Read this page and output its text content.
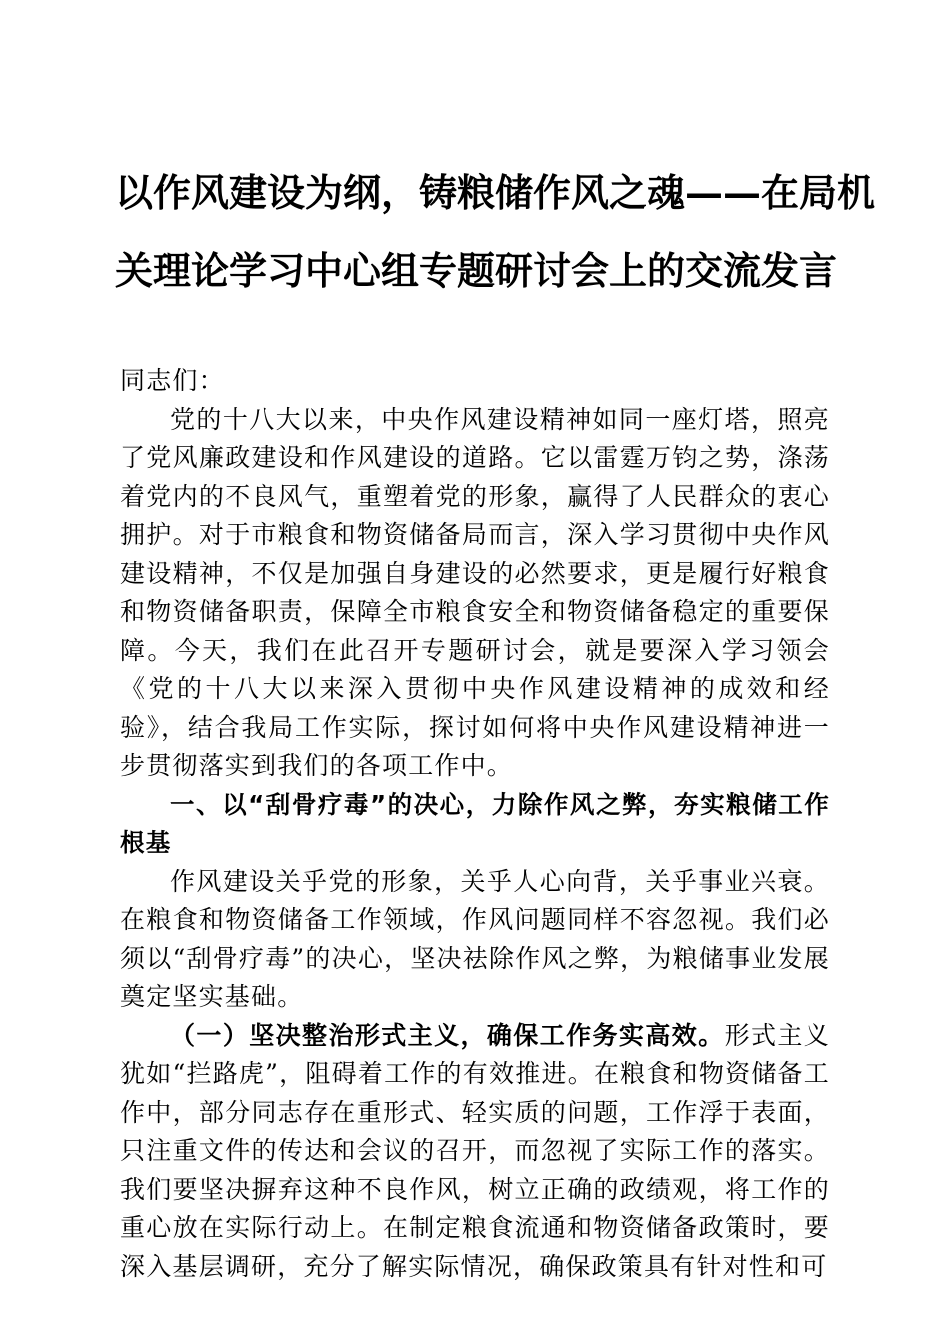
以作风建设为纲，铸粮储作风之魂——在局机
关理论学习中心组专题研讨会上的交流发言

同志们：

党的十八大以来，中央作风建设精神如同一座灯塔，照亮了党风廉政建设和作风建设的道路。它以雷霆万钧之势，涤荡着党内的不良风气，重塑着党的形象，赢得了人民群众的衷心拥护。对于市粮食和物资储备局而言，深入学习贯彻中央作风建设精神，不仅是加强自身建设的必然要求，更是履行好粮食和物资储备职责，保障全市粮食安全和物资储备稳定的重要保障。今天，我们在此召开专题研讨会，就是要深入学习领会《党的十八大以来深入贯彻中央作风建设精神的成效和经验》，结合我局工作实际，探讨如何将中央作风建设精神进一步贯彻落实到我们的各项工作中。

一、以“刮骨疗毒”的决心，力除作风之弊，夯实粮储工作根基

作风建设关乎党的形象，关乎人心向背，关乎事业兴衰。在粮食和物资储备工作领域，作风问题同样不容忽视。我们必须以“刮骨疗毒”的决心，坚决祛除作风之弊，为粮储事业发展奠定坚实基础。

（一）坚决整治形式主义，确保工作务实高效。形式主义犹如“拦路虎”，阻碍着工作的有效推进。在粮食和物资储备工作中，部分同志存在重形式、轻实质的问题，工作浮于表面，只注重文件的传达和会议的召开，而忽视了实际工作的落实。我们要坚决摒弃这种不良作风，树立正确的政绩观，将工作的重心放在实际行动上。在制定粮食流通和物资储备政策时，要深入基层调研，充分了解实际情况，确保政策具有针对性和可
